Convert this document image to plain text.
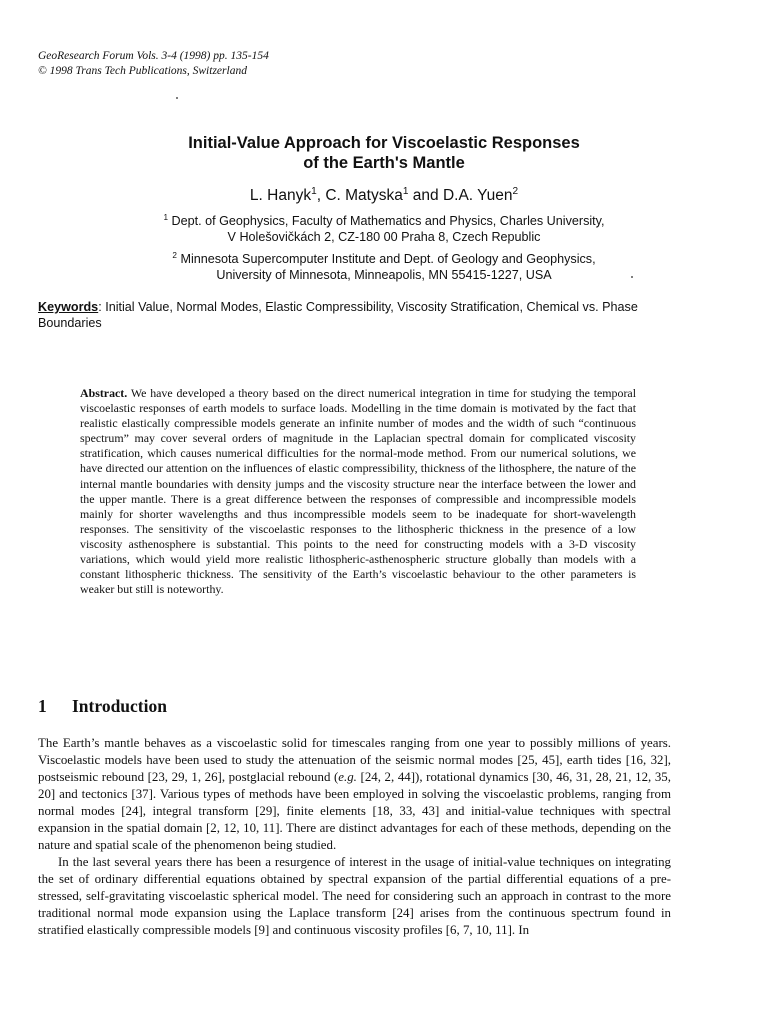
GeoResearch Forum Vols. 3-4 (1998) pp. 135-154
© 1998 Trans Tech Publications, Switzerland
Initial-Value Approach for Viscoelastic Responses
of the Earth's Mantle
L. Hanyk$^1$, C. Matyska$^1$ and D.A. Yuen$^2$
$^1$ Dept. of Geophysics, Faculty of Mathematics and Physics, Charles University,
V Holešovičkách 2, CZ-180 00 Praha 8, Czech Republic
$^2$ Minnesota Supercomputer Institute and Dept. of Geology and Geophysics,
University of Minnesota, Minneapolis, MN 55415-1227, USA
Keywords: Initial Value, Normal Modes, Elastic Compressibility, Viscosity Stratification, Chemical vs. Phase Boundaries
Abstract. We have developed a theory based on the direct numerical integration in time for studying the temporal viscoelastic responses of earth models to surface loads. Modelling in the time domain is motivated by the fact that realistic elastically compressible models generate an infinite number of modes and the width of such “continuous spectrum” may cover several orders of magnitude in the Laplacian spectral domain for complicated viscosity stratification, which causes numerical difficulties for the normal-mode method. From our numerical solutions, we have directed our attention on the influences of elastic compressibility, thickness of the lithosphere, the nature of the internal mantle boundaries with density jumps and the viscosity structure near the interface between the lower and the upper mantle. There is a great difference between the responses of compressible and incompressible models mainly for shorter wavelengths and thus incompressible models seem to be inadequate for short-wavelength responses. The sensitivity of the viscoelastic responses to the lithospheric thickness in the presence of a low viscosity asthenosphere is substantial. This points to the need for constructing models with a 3-D viscosity variations, which would yield more realistic lithospheric-asthenospheric structure globally than models with a constant lithospheric thickness. The sensitivity of the Earth’s viscoelastic behaviour to the other parameters is weaker but still is noteworthy.
1 Introduction

The Earth’s mantle behaves as a viscoelastic solid for timescales ranging from one year to possibly millions of years. Viscoelastic models have been used to study the attenuation of the seismic normal modes [25, 45], earth tides [16, 32], postseismic rebound [23, 29, 1, 26], postglacial rebound (e.g. [24, 2, 44]), rotational dynamics [30, 46, 31, 28, 21, 12, 35, 20] and tectonics [37]. Various types of methods have been employed in solving the viscoelastic problems, ranging from normal modes [24], integral transform [29], finite elements [18, 33, 43] and initial-value techniques with spectral expansion in the spatial domain [2, 12, 10, 11]. There are distinct advantages for each of these methods, depending on the nature and spatial scale of the phenomenon being studied.

In the last several years there has been a resurgence of interest in the usage of initial-value techniques on integrating the set of ordinary differential equations obtained by spectral expansion of the partial differential equations of a pre-stressed, self-gravitating viscoelastic spherical model. The need for considering such an approach in contrast to the more traditional normal mode expansion using the Laplace transform [24] arises from the continuous spectrum found in stratified elastically compressible models [9] and continuous viscosity profiles [6, 7, 10, 11]. In
